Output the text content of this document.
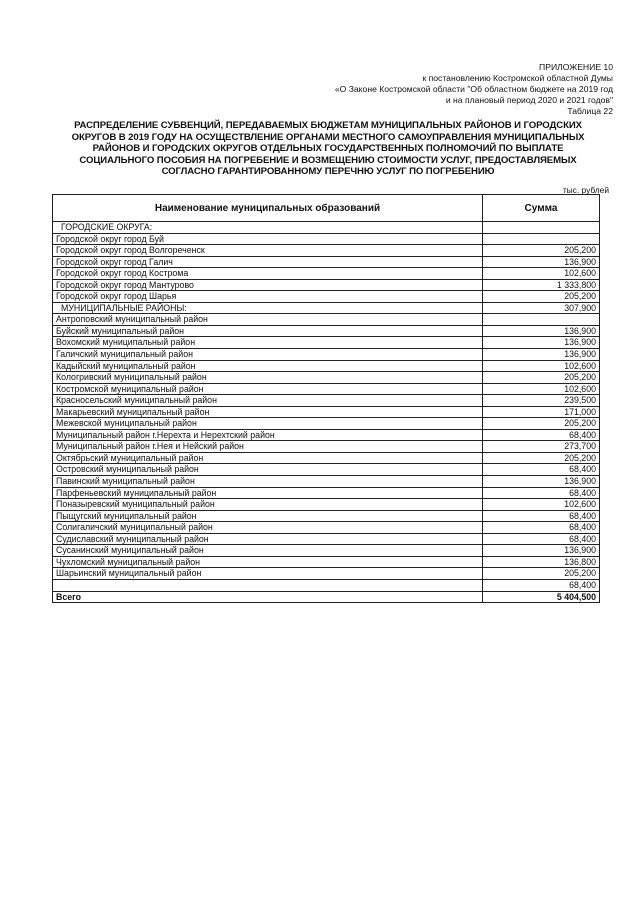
ПРИЛОЖЕНИЕ 10
к постановлению Костромской областной Думы
«О Законе Костромской области "Об областном бюджете на 2019 год
и на плановый период 2020 и 2021 годов"
Таблица 22
РАСПРЕДЕЛЕНИЕ СУБВЕНЦИЙ, ПЕРЕДАВАЕМЫХ БЮДЖЕТАМ МУНИЦИПАЛЬНЫХ РАЙОНОВ И ГОРОДСКИХ
ОКРУГОВ В 2019 ГОДУ НА ОСУЩЕСТВЛЕНИЕ ОРГАНАМИ МЕСТНОГО САМОУПРАВЛЕНИЯ МУНИЦИПАЛЬНЫХ
РАЙОНОВ И ГОРОДСКИХ ОКРУГОВ ОТДЕЛЬНЫХ ГОСУДАРСТВЕННЫХ ПОЛНОМОЧИЙ ПО ВЫПЛАТЕ
СОЦИАЛЬНОГО ПОСОБИЯ НА ПОГРЕБЕНИЕ И ВОЗМЕЩЕНИЮ СТОИМОСТИ УСЛУГ, ПРЕДОСТАВЛЯЕМЫХ
СОГЛАСНО ГАРАНТИРОВАННОМУ ПЕРЕЧНЮ УСЛУГ ПО ПОГРЕБЕНИЮ
тыс. рублей
Наименование муниципальных образований	Сумма
ГОРОДСКИЕ ОКРУГА:	
Городской округ город Буй	
Городской округ город Волгореченск	205,200
Городской округ город Галич	136,900
Городской округ город Кострома	102,600
Городской округ город Мантурово	1 333,800
Городской округ город Шарья	205,200
МУНИЦИПАЛЬНЫЕ РАЙОНЫ:	307,900
Антроповский муниципальный район	
Буйский муниципальный район	136,900
Вохомский муниципальный район	136,900
Галичский муниципальный район	136,900
Кадыйский муниципальный район	102,600
Кологривский муниципальный район	205,200
Костромской муниципальный район	102,600
Красносельский муниципальный район	239,500
Макарьевский муниципальный район	171,000
Межевской муниципальный район	205,200
Муниципальный район г.Нерехта и Нерехтский район	68,400
Муниципальный район г.Нея и Нейский район	273,700
Октябрьский муниципальный район	205,200
Островский муниципальный район	68,400
Павинский муниципальный район	136,900
Парфеньевский муниципальный район	68,400
Поназыревский муниципальный район	102,600
Пыщугский муниципальный район	68,400
Солигаличский муниципальный район	68,400
Судиславский муниципальный район	68,400
Сусанинский муниципальный район	136,900
Чухломский муниципальный район	136,800
Шарьинский муниципальный район	205,200
	68,400
Всего	5 404,500
